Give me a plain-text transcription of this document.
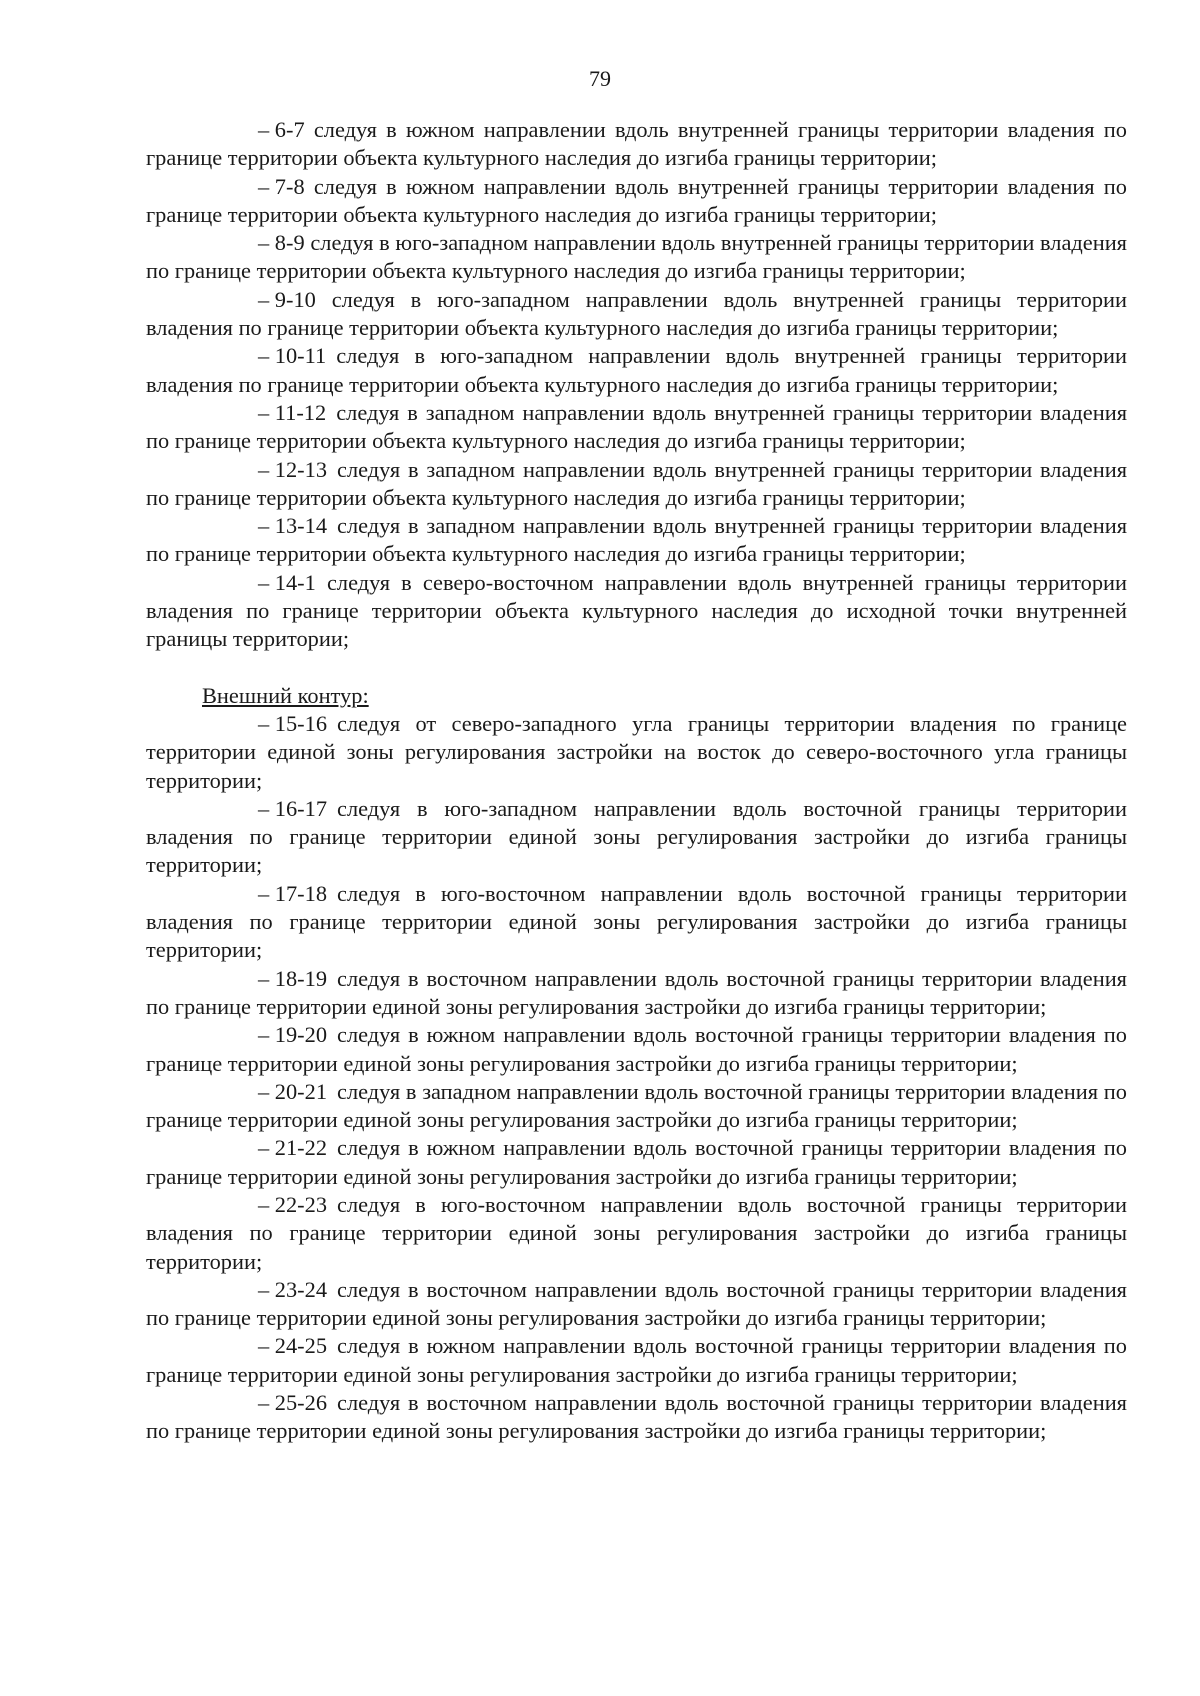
79

– 6-7 следуя в южном направлении вдоль внутренней границы территории владения по границе территории объекта культурного наследия до изгиба границы территории;

– 7-8 следуя в южном направлении вдоль внутренней границы территории владения по границе территории объекта культурного наследия до изгиба границы территории;

– 8-9 следуя в юго-западном направлении вдоль внутренней границы территории владения по границе территории объекта культурного наследия до изгиба границы территории;

– 9-10 следуя в юго-западном направлении вдоль внутренней границы территории владения по границе территории объекта культурного наследия до изгиба границы территории;

– 10-11 следуя в юго-западном направлении вдоль внутренней границы территории владения по границе территории объекта культурного наследия до изгиба границы территории;

– 11-12 следуя в западном направлении вдоль внутренней границы территории владения по границе территории объекта культурного наследия до изгиба границы территории;

– 12-13 следуя в западном направлении вдоль внутренней границы территории владения по границе территории объекта культурного наследия до изгиба границы территории;

– 13-14 следуя в западном направлении вдоль внутренней границы территории владения по границе территории объекта культурного наследия до изгиба границы территории;

– 14-1 следуя в северо-восточном направлении вдоль внутренней границы территории владения по границе территории объекта культурного наследия до исходной точки внутренней границы территории;

Внешний контур:

– 15-16 следуя от северо-западного угла границы территории владения по границе территории единой зоны регулирования застройки на восток до северо-восточного угла границы территории;

– 16-17 следуя в юго-западном направлении вдоль восточной границы территории владения по границе территории единой зоны регулирования застройки до изгиба границы территории;

– 17-18 следуя в юго-восточном направлении вдоль восточной границы территории владения по границе территории единой зоны регулирования застройки до изгиба границы территории;

– 18-19 следуя в восточном направлении вдоль восточной границы территории владения по границе территории единой зоны регулирования застройки до изгиба границы территории;

– 19-20 следуя в южном направлении вдоль восточной границы территории владения по границе территории единой зоны регулирования застройки до изгиба границы территории;

– 20-21 следуя в западном направлении вдоль восточной границы территории владения по границе территории единой зоны регулирования застройки до изгиба границы территории;

– 21-22 следуя в южном направлении вдоль восточной границы территории владения по границе территории единой зоны регулирования застройки до изгиба границы территории;

– 22-23 следуя в юго-восточном направлении вдоль восточной границы территории владения по границе территории единой зоны регулирования застройки до изгиба границы территории;

– 23-24 следуя в восточном направлении вдоль восточной границы территории владения по границе территории единой зоны регулирования застройки до изгиба границы территории;

– 24-25 следуя в южном направлении вдоль восточной границы территории владения по границе территории единой зоны регулирования застройки до изгиба границы территории;

– 25-26 следуя в восточном направлении вдоль восточной границы территории владения по границе территории единой зоны регулирования застройки до изгиба границы территории;
